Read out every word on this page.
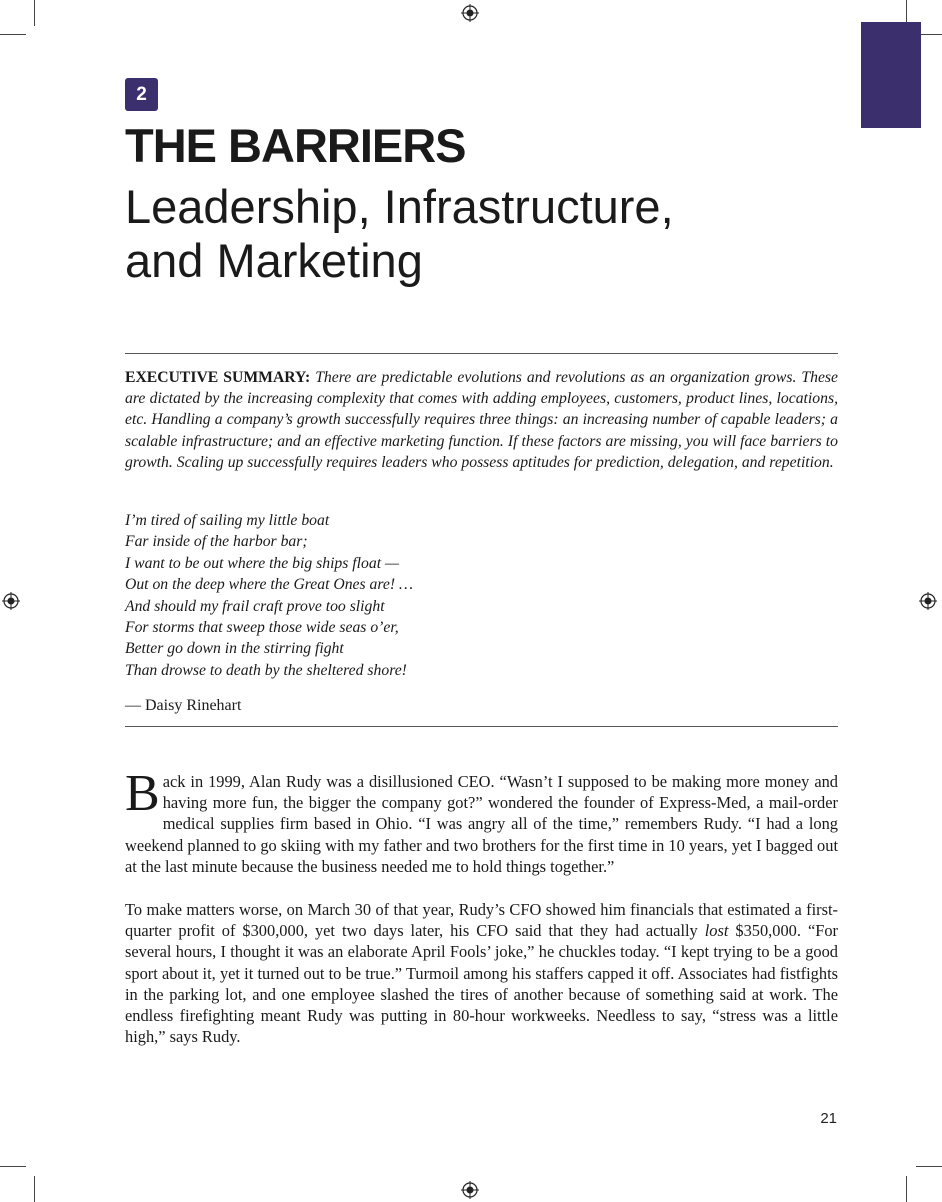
2
THE BARRIERS
Leadership, Infrastructure,
and Marketing

EXECUTIVE SUMMARY: There are predictable evolutions and revolutions as an organization grows. These are dictated by the increasing complexity that comes with adding employees, customers, product lines, locations, etc. Handling a company’s growth successfully requires three things: an increasing number of capable leaders; a scalable infrastructure; and an effective marketing function. If these factors are missing, you will face barriers to growth. Scaling up successfully requires leaders who possess aptitudes for prediction, delegation, and repetition.

I’m tired of sailing my little boat
Far inside of the harbor bar;
I want to be out where the big ships float —
Out on the deep where the Great Ones are! …
And should my frail craft prove too slight
For storms that sweep those wide seas o’er,
Better go down in the stirring fight
Than drowse to death by the sheltered shore!
— Daisy Rinehart

Back in 1999, Alan Rudy was a disillusioned CEO. “Wasn’t I supposed to be making more money and having more fun, the bigger the company got?” wondered the founder of Express-Med, a mail-order medical supplies firm based in Ohio. “I was angry all of the time,” remembers Rudy. “I had a long weekend planned to go skiing with my father and two brothers for the first time in 10 years, yet I bagged out at the last minute because the business needed me to hold things together.”

To make matters worse, on March 30 of that year, Rudy’s CFO showed him financials that estimated a first-quarter profit of $300,000, yet two days later, his CFO said that they had actually lost $350,000. “For several hours, I thought it was an elaborate April Fools’ joke,” he chuckles today. “I kept trying to be a good sport about it, yet it turned out to be true.” Turmoil among his staffers capped it off. Associates had fistfights in the parking lot, and one employee slashed the tires of another because of something said at work. The endless firefighting meant Rudy was putting in 80-hour workweeks. Needless to say, “stress was a little high,” says Rudy.

21
